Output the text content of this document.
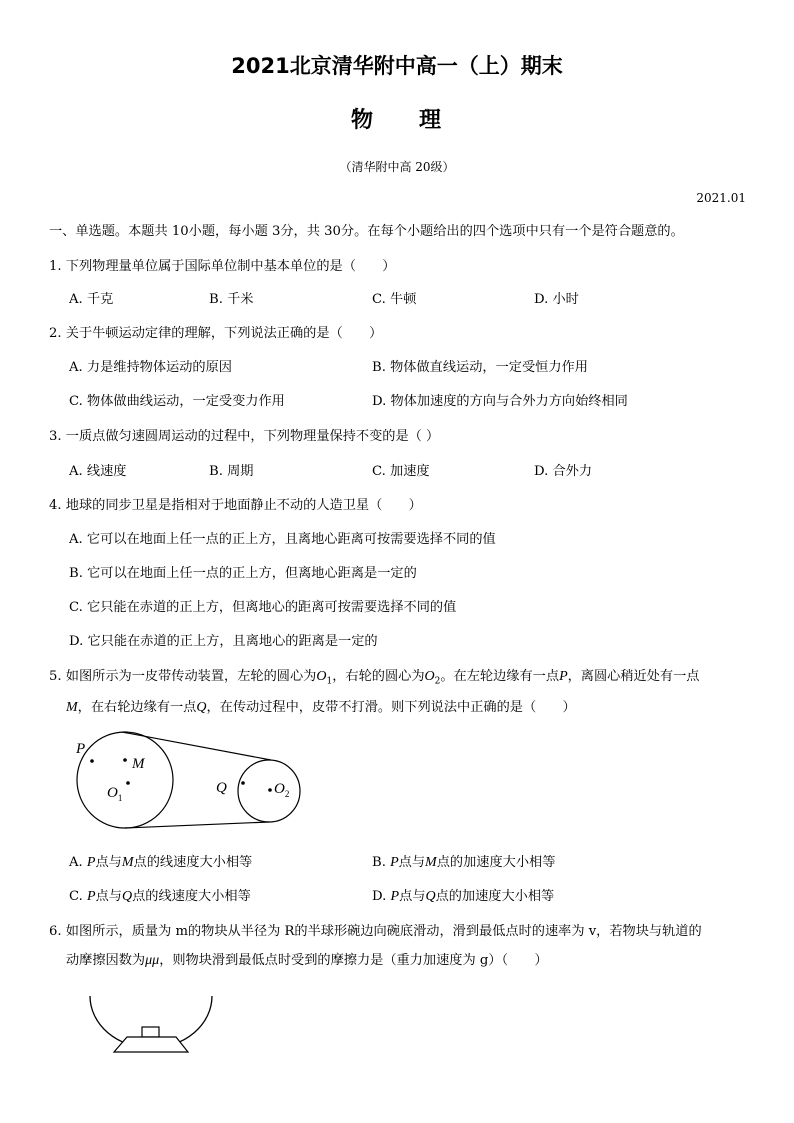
2021北京清华附中高一（上）期末
物 理
（清华附中高 20级）
2021.01
一、单选题。本题共 10小题，每小题 3分，共 30分。在每个小题给出的四个选项中只有一个是符合题意的。
1. 下列物理量单位属于国际单位制中基本单位的是（　　）
A. 千克	B. 千米	C. 牛顿	D. 小时
2. 关于牛顿运动定律的理解，下列说法正确的是（　　）
A. 力是维持物体运动的原因	B. 物体做直线运动，一定受恒力作用
C. 物体做曲线运动，一定受变力作用	D. 物体加速度的方向与合外力方向始终相同
3. 一质点做匀速圆周运动的过程中，下列物理量保持不变的是（ ）
A. 线速度	B. 周期	C. 加速度	D. 合外力
4. 地球的同步卫星是指相对于地面静止不动的人造卫星（　　）
A. 它可以在地面上任一点的正上方，且离地心距离可按需要选择不同的值
B. 它可以在地面上任一点的正上方，但离地心距离是一定的
C. 它只能在赤道的正上方，但离地心的距离可按需要选择不同的值
D. 它只能在赤道的正上方，且离地心的距离是一定的
5. 如图所示为一皮带传动装置，左轮的圆心为$O_1$，右轮的圆心为$O_2$。在左轮边缘有一点P，离圆心稍近处有一点
M，在右轮边缘有一点Q，在传动过程中，皮带不打滑。则下列说法中正确的是（　　）
P
M
$O_1$
Q	$O_2$
A. P点与M点的线速度大小相等	B. P点与M点的加速度大小相等
C. P点与Q点的线速度大小相等	D. P点与Q点的加速度大小相等
6. 如图所示，质量为 m的物块从半径为 R的半球形碗边向碗底滑动，滑到最低点时的速率为 v，若物块与轨道的
动摩擦因数为μμ，则物块滑到最低点时受到的摩擦力是（重力加速度为 g）（　　）
